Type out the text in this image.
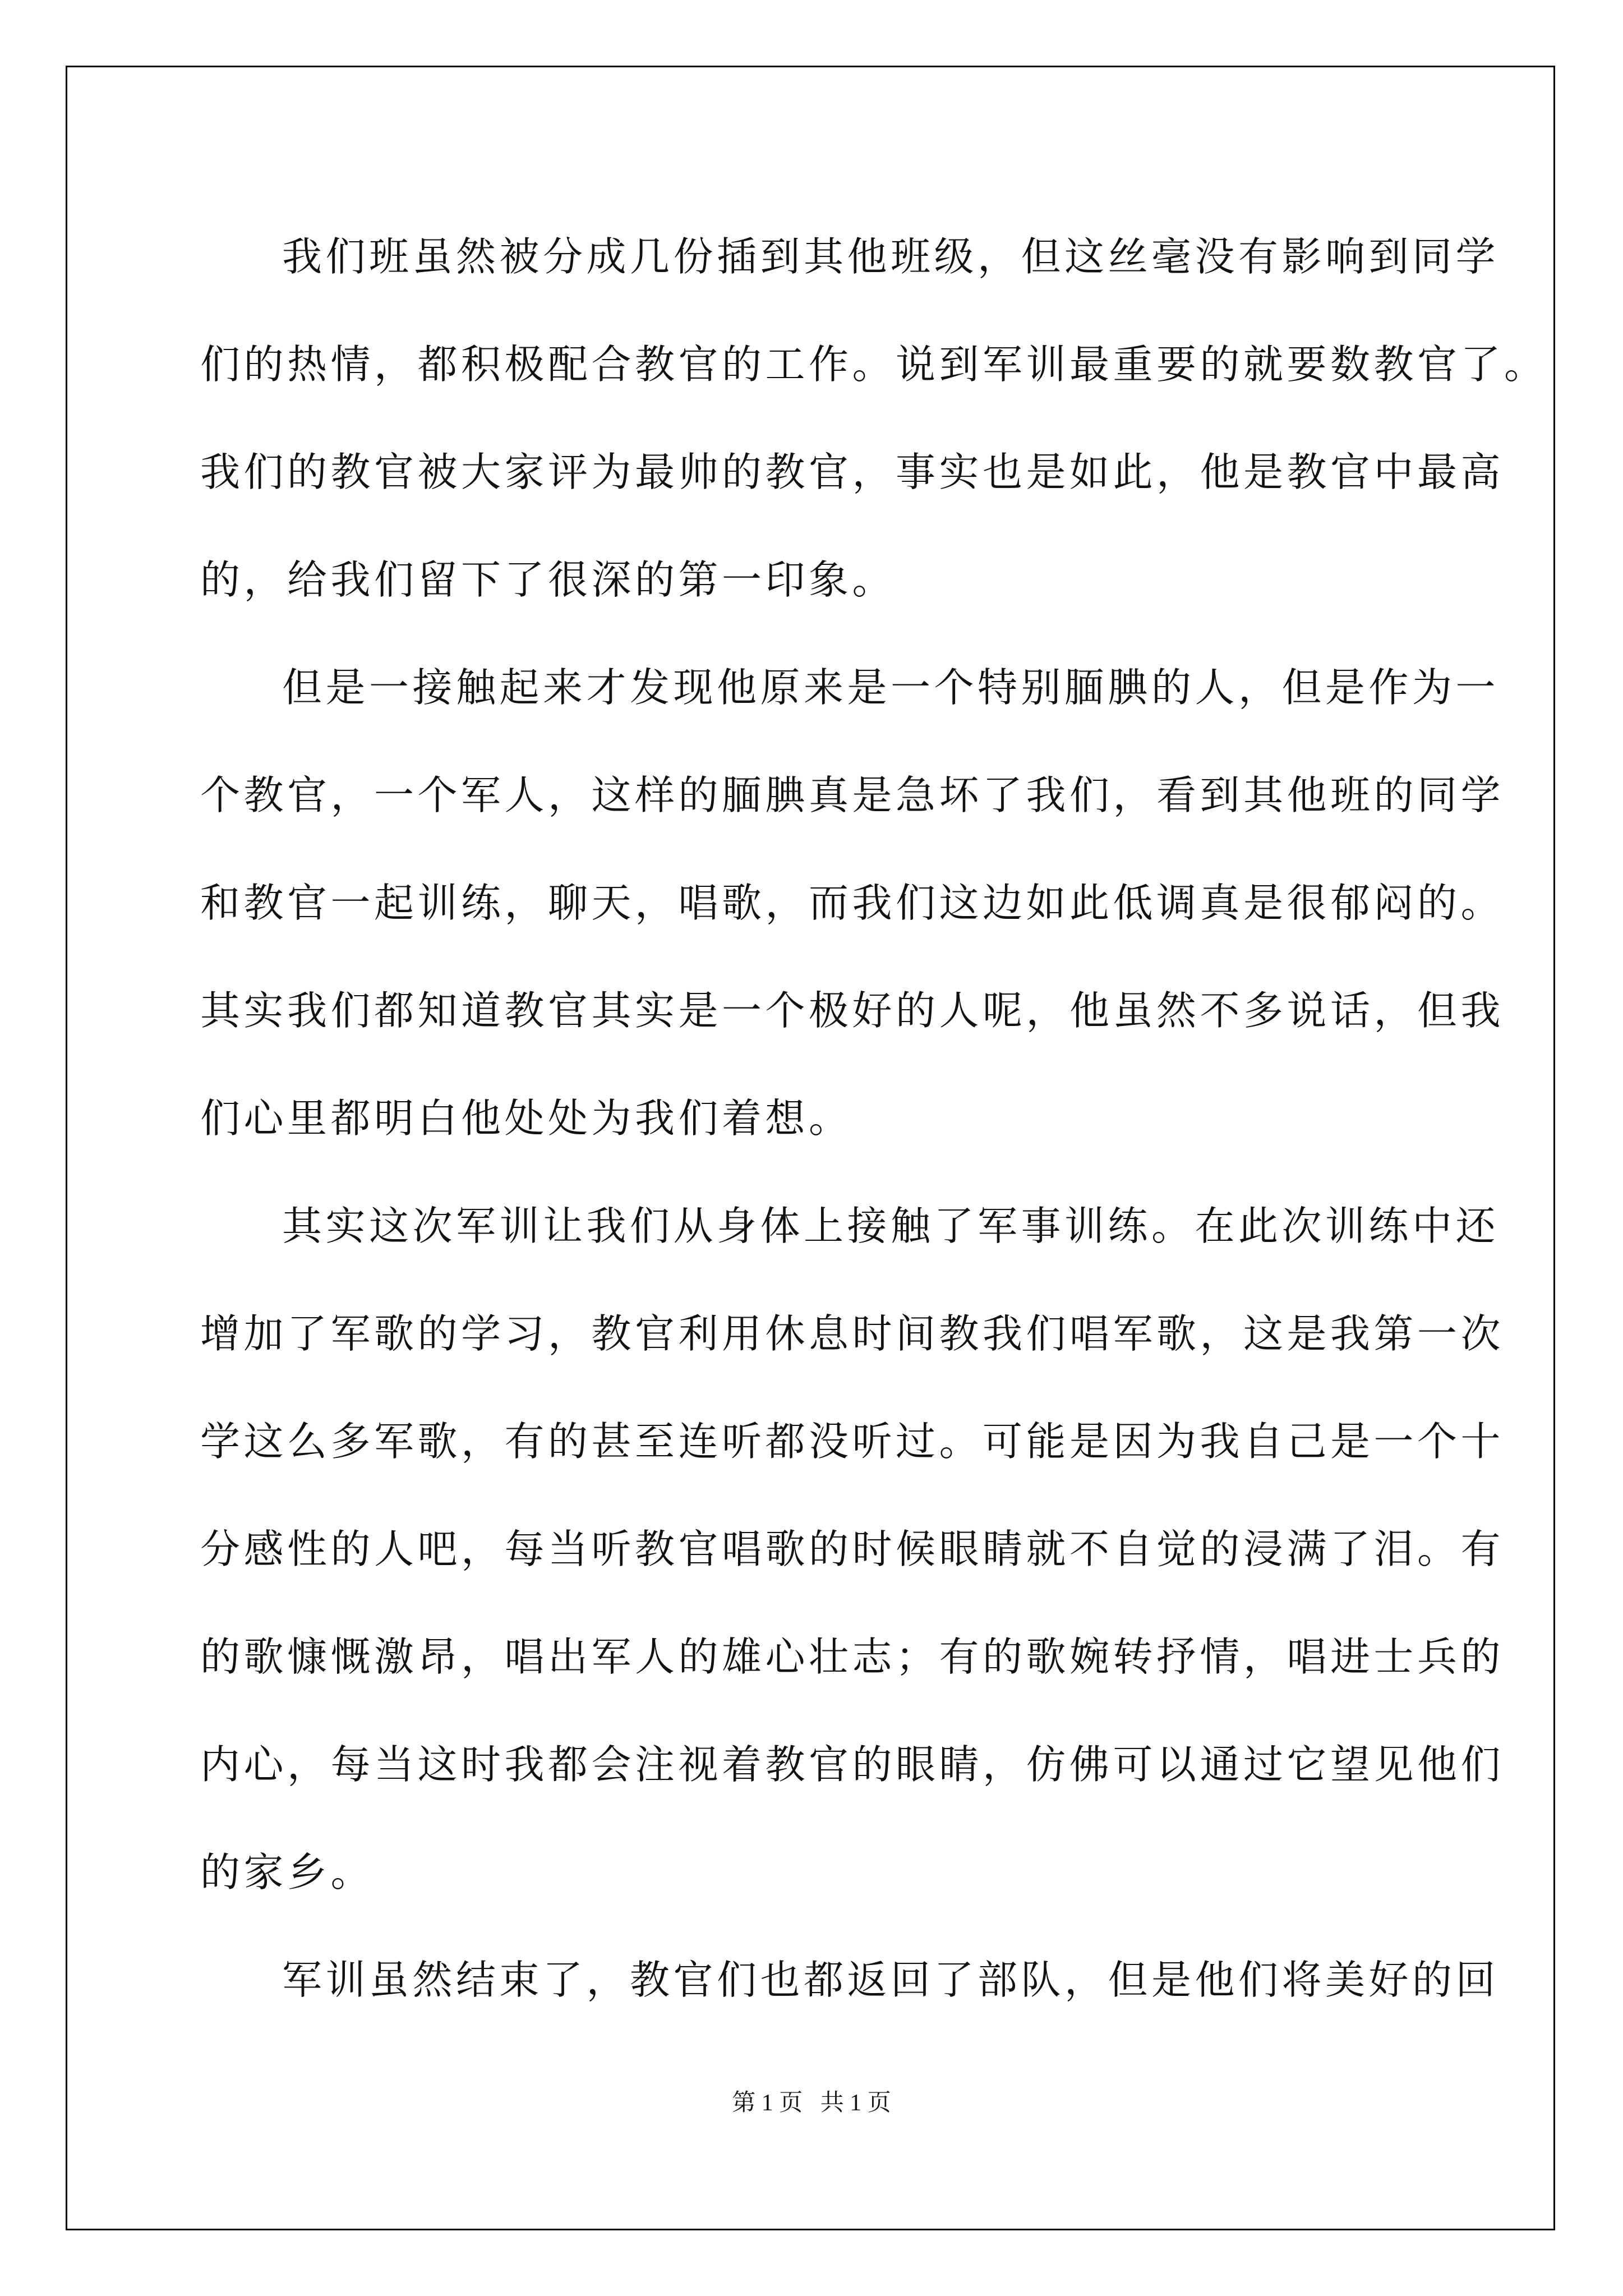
我们班虽然被分成几份插到其他班级，但这丝毫没有影响到同学
们的热情，都积极配合教官的工作。说到军训最重要的就要数教官了。
我们的教官被大家评为最帅的教官，事实也是如此，他是教官中最高
的，给我们留下了很深的第一印象。
但是一接触起来才发现他原来是一个特别腼腆的人，但是作为一
个教官，一个军人，这样的腼腆真是急坏了我们，看到其他班的同学
和教官一起训练，聊天，唱歌，而我们这边如此低调真是很郁闷的。
其实我们都知道教官其实是一个极好的人呢，他虽然不多说话，但我
们心里都明白他处处为我们着想。
其实这次军训让我们从身体上接触了军事训练。在此次训练中还
增加了军歌的学习，教官利用休息时间教我们唱军歌，这是我第一次
学这么多军歌，有的甚至连听都没听过。可能是因为我自己是一个十
分感性的人吧，每当听教官唱歌的时候眼睛就不自觉的浸满了泪。有
的歌慷慨激昂，唱出军人的雄心壮志；有的歌婉转抒情，唱进士兵的
内心，每当这时我都会注视着教官的眼睛，仿佛可以通过它望见他们
的家乡。
军训虽然结束了，教官们也都返回了部队，但是他们将美好的回
第 1 页 共 1 页
